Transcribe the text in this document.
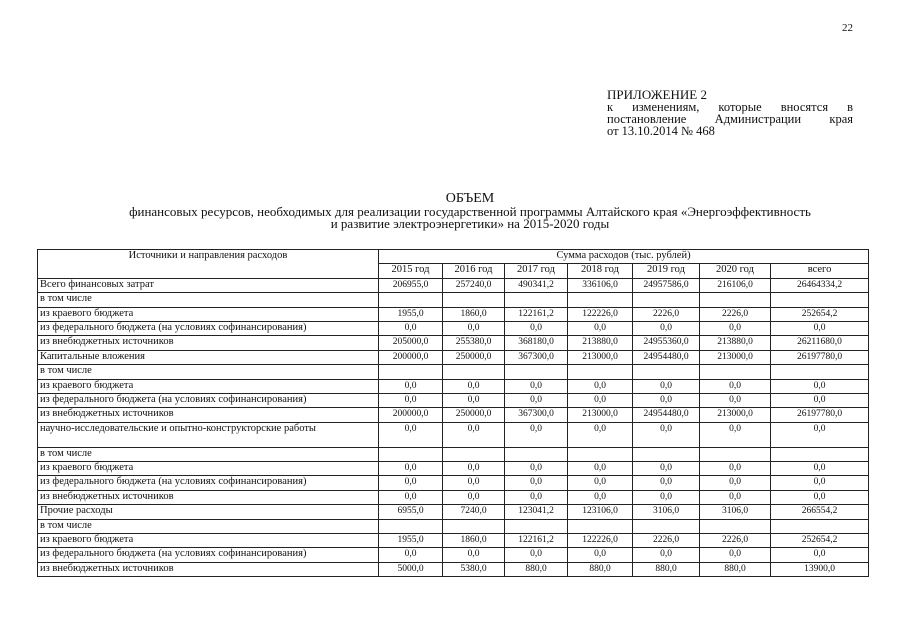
22
ПРИЛОЖЕНИЕ 2
к изменениям, которые вносятся в
постановление Администрации края
от 13.10.2014 № 468
ОБЪЕМ
финансовых ресурсов, необходимых для реализации государственной программы Алтайского края «Энергоэффективность
и развитие электроэнергетики» на 2015-2020 годы
Источники и направления расходов	Сумма расходов (тыс. рублей)						
	2015 год	2016 год	2017 год	2018 год	2019 год	2020 год	всего
Всего финансовых затрат	206955,0	257240,0	490341,2	336106,0	24957586,0	216106,0	26464334,2
в том числе							
из краевого бюджета	1955,0	1860,0	122161,2	122226,0	2226,0	2226,0	252654,2
из федерального бюджета (на условиях софинансирования)	0,0	0,0	0,0	0,0	0,0	0,0	0,0
из внебюджетных источников	205000,0	255380,0	368180,0	213880,0	24955360,0	213880,0	26211680,0
Капитальные вложения	200000,0	250000,0	367300,0	213000,0	24954480,0	213000,0	26197780,0
в том числе							
из краевого бюджета	0,0	0,0	0,0	0,0	0,0	0,0	0,0
из федерального бюджета (на условиях софинансирования)	0,0	0,0	0,0	0,0	0,0	0,0	0,0
из внебюджетных источников	200000,0	250000,0	367300,0	213000,0	24954480,0	213000,0	26197780,0
научно-исследовательские и опытно-конструкторские работы	0,0	0,0	0,0	0,0	0,0	0,0	0,0
в том числе							
из краевого бюджета	0,0	0,0	0,0	0,0	0,0	0,0	0,0
из федерального бюджета (на условиях софинансирования)	0,0	0,0	0,0	0,0	0,0	0,0	0,0
из внебюджетных источников	0,0	0,0	0,0	0,0	0,0	0,0	0,0
Прочие расходы	6955,0	7240,0	123041,2	123106,0	3106,0	3106,0	266554,2
в том числе							
из краевого бюджета	1955,0	1860,0	122161,2	122226,0	2226,0	2226,0	252654,2
из федерального бюджета (на условиях софинансирования)	0,0	0,0	0,0	0,0	0,0	0,0	0,0
из внебюджетных источников	5000,0	5380,0	880,0	880,0	880,0	880,0	13900,0
